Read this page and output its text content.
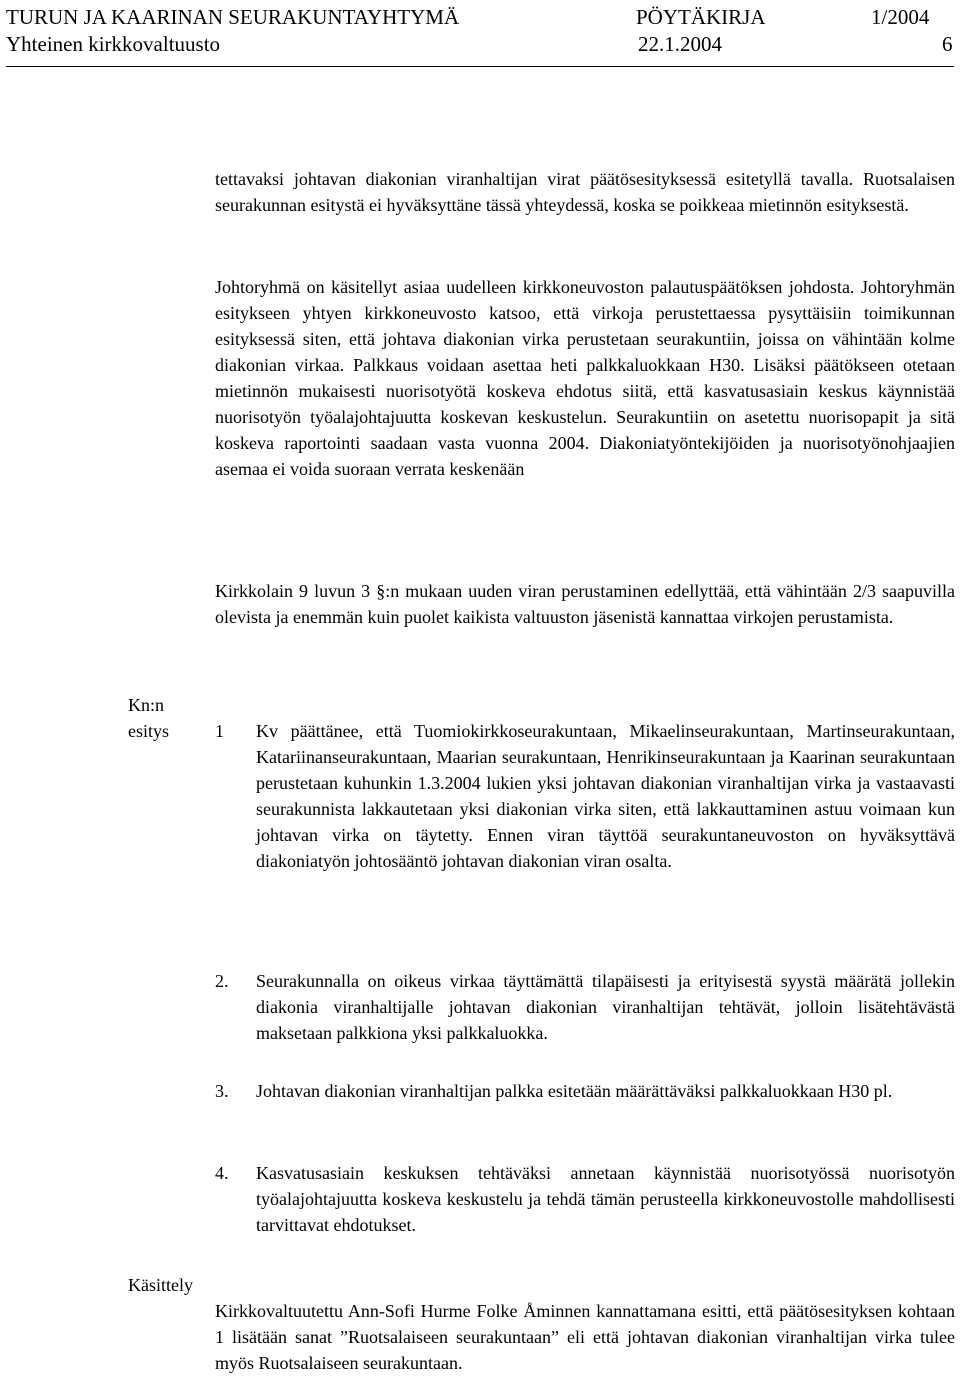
TURUN JA KAARINAN SEURAKUNTAYHTYMÄ	PÖYTÄKIRJA	1/2004
Yhteinen kirkkovaltuusto	22.1.2004	6

tettavaksi johtavan diakonian viranhaltijan virat päätösesityksessä esitetyllä tavalla. Ruotsalaisen seurakunnan esitystä ei hyväksyttäne tässä yhteydessä, koska se poikkeaa mietinnön esityksestä.

Johtoryhmä on käsitellyt asiaa uudelleen kirkkoneuvoston palautuspäätöksen johdosta. Johtoryhmän esitykseen yhtyen kirkkoneuvosto katsoo, että virkoja perustettaessa pysyttäisiin toimikunnan esityksessä siten, että johtava diakonian virka perustetaan seurakuntiin, joissa on vähintään kolme diakonian virkaa. Palkkaus voidaan asettaa heti palkkaluokkaan H30. Lisäksi päätökseen otetaan mietinnön mukaisesti nuorisotyötä koskeva ehdotus siitä, että kasvatusasiain keskus käynnistää nuorisotyön työalajohtajuutta koskevan keskustelun. Seurakuntiin on asetettu nuorisopapit ja sitä koskeva raportointi saadaan vasta vuonna 2004. Diakoniatyöntekijöiden ja nuorisotyönohjaajien asemaa ei voida suoraan verrata keskenään

Kirkkolain 9 luvun 3 §:n mukaan uuden viran perustaminen edellyttää, että vähintään 2/3 saapuvilla olevista ja enemmän kuin puolet kaikista valtuuston jäsenistä kannattaa virkojen perustamista.

Kn:n
esitys	1 Kv päättänee, että Tuomiokirkkoseurakuntaan, Mikaelinseurakuntaan, Martinseurakuntaan, Katariinanseurakuntaan, Maarian seurakuntaan, Henrikinseurakuntaan ja Kaarinan seurakuntaan perustetaan kuhunkin 1.3.2004 lukien yksi johtavan diakonian viranhaltijan virka ja vastaavasti seurakunnista lakkautetaan yksi diakonian virka siten, että lakkauttaminen astuu voimaan kun johtavan virka on täytetty. Ennen viran täyttöä seurakuntaneuvoston on hyväksyttävä diakoniatyön johtosääntö johtavan diakonian viran osalta.
2. Seurakunnalla on oikeus virkaa täyttämättä tilapäisesti ja erityisestä syystä määrätä jollekin diakonia viranhaltijalle johtavan diakonian viranhaltijan tehtävät, jolloin lisätehtävästä maksetaan palkkiona yksi palkkaluokka.
3. Johtavan diakonian viranhaltijan palkka esitetään määrättäväksi palkkaluokkaan H30 pl.
4. Kasvatusasiain keskuksen tehtäväksi annetaan käynnistää nuorisotyössä nuorisotyön työalajohtajuutta koskeva keskustelu ja tehdä tämän perusteella kirkkoneuvostolle mahdollisesti tarvittavat ehdotukset.
Käsittely

Kirkkovaltuutettu Ann-Sofi Hurme Folke Åminnen kannattamana esitti, että päätösesityksen kohtaan 1 lisätään sanat ”Ruotsalaiseen seurakuntaan” eli että johtavan diakonian viranhaltijan virka tulee myös Ruotsalaiseen seurakuntaan.
